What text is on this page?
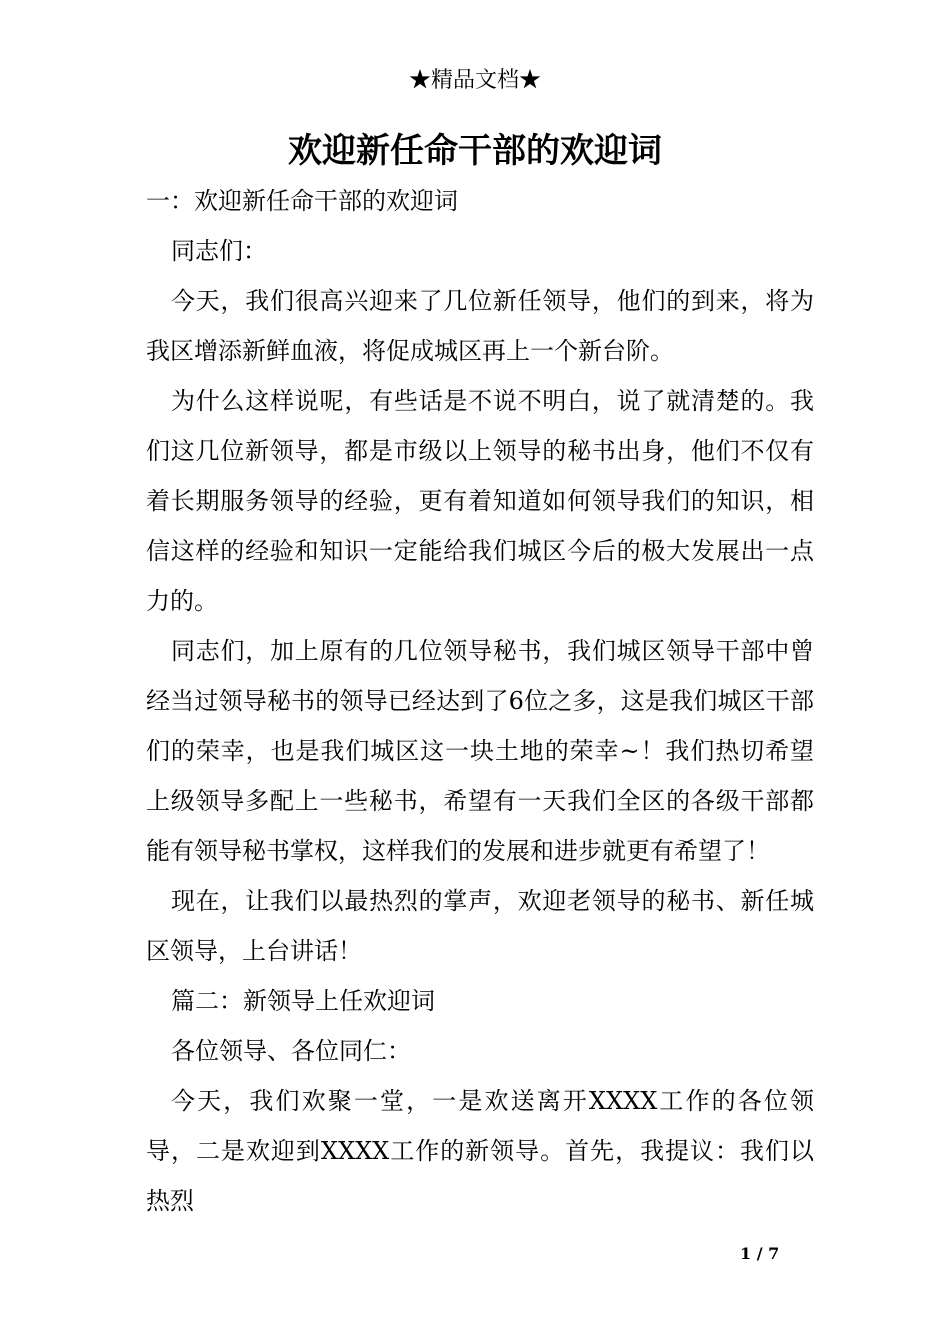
★精品文档★
欢迎新任命干部的欢迎词

一：欢迎新任命干部的欢迎词

同志们：

今天，我们很高兴迎来了几位新任领导，他们的到来，将为我区增添新鲜血液，将促成城区再上一个新台阶。

为什么这样说呢，有些话是不说不明白，说了就清楚的。我们这几位新领导，都是市级以上领导的秘书出身，他们不仅有着长期服务领导的经验，更有着知道如何领导我们的知识，相信这样的经验和知识一定能给我们城区今后的极大发展出一点力的。

同志们，加上原有的几位领导秘书，我们城区领导干部中曾经当过领导秘书的领导已经达到了6位之多，这是我们城区干部们的荣幸，也是我们城区这一块土地的荣幸~！我们热切希望上级领导多配上一些秘书，希望有一天我们全区的各级干部都能有领导秘书掌权，这样我们的发展和进步就更有希望了！

现在，让我们以最热烈的掌声，欢迎老领导的秘书、新任城区领导，上台讲话！

篇二：新领导上任欢迎词

各位领导、各位同仁：

今天，我们欢聚一堂，一是欢送离开XXXX工作的各位领导，二是欢迎到XXXX工作的新领导。首先，我提议：我们以热烈

1 / 7
